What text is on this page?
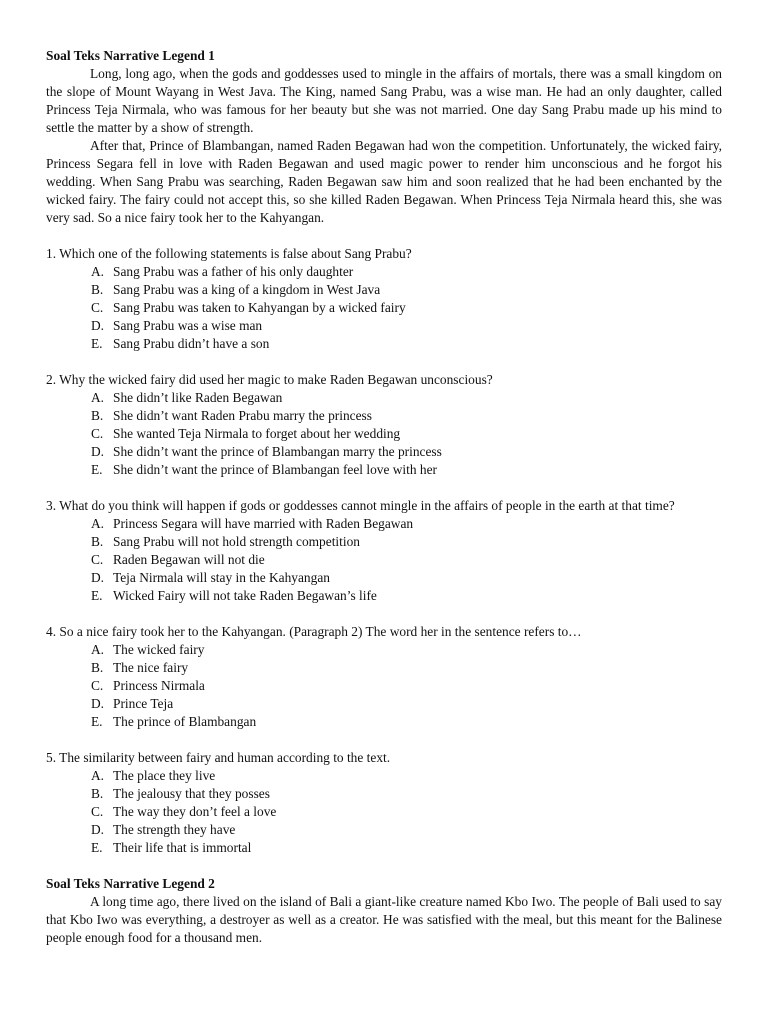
Soal Teks Narrative Legend 1

Long, long ago, when the gods and goddesses used to mingle in the affairs of mortals, there was a small kingdom on the slope of Mount Wayang in West Java. The King, named Sang Prabu, was a wise man. He had an only daughter, called Princess Teja Nirmala, who was famous for her beauty but she was not married. One day Sang Prabu made up his mind to settle the matter by a show of strength.

After that, Prince of Blambangan, named Raden Begawan had won the competition. Unfortunately, the wicked fairy, Princess Segara fell in love with Raden Begawan and used magic power to render him unconscious and he forgot his wedding. When Sang Prabu was searching, Raden Begawan saw him and soon realized that he had been enchanted by the wicked fairy. The fairy could not accept this, so she killed Raden Begawan. When Princess Teja Nirmala heard this, she was very sad. So a nice fairy took her to the Kahyangan.

1. Which one of the following statements is false about Sang Prabu?

A. Sang Prabu was a father of his only daughter
B. Sang Prabu was a king of a kingdom in West Java
C. Sang Prabu was taken to Kahyangan by a wicked fairy
D. Sang Prabu was a wise man
E. Sang Prabu didn’t have a son

2. Why the wicked fairy did used her magic to make Raden Begawan unconscious?

A. She didn’t like Raden Begawan
B. She didn’t want Raden Prabu marry the princess
C. She wanted Teja Nirmala to forget about her wedding
D. She didn’t want the prince of Blambangan marry the princess
E. She didn’t want the prince of Blambangan feel love with her

3. What do you think will happen if gods or goddesses cannot mingle in the affairs of people in the earth at that time?

A. Princess Segara will have married with Raden Begawan
B. Sang Prabu will not hold strength competition
C. Raden Begawan will not die
D. Teja Nirmala will stay in the Kahyangan
E. Wicked Fairy will not take Raden Begawan’s life

4. So a nice fairy took her to the Kahyangan. (Paragraph 2) The word her in the sentence refers to…

A. The wicked fairy
B. The nice fairy
C. Princess Nirmala
D. Prince Teja
E. The prince of Blambangan

5. The similarity between fairy and human according to the text.

A. The place they live
B. The jealousy that they posses
C. The way they don’t feel a love
D. The strength they have
E. Their life that is immortal

Soal Teks Narrative Legend 2

A long time ago, there lived on the island of Bali a giant-like creature named Kbo Iwo. The people of Bali used to say that Kbo Iwo was everything, a destroyer as well as a creator. He was satisfied with the meal, but this meant for the Balinese people enough food for a thousand men.
